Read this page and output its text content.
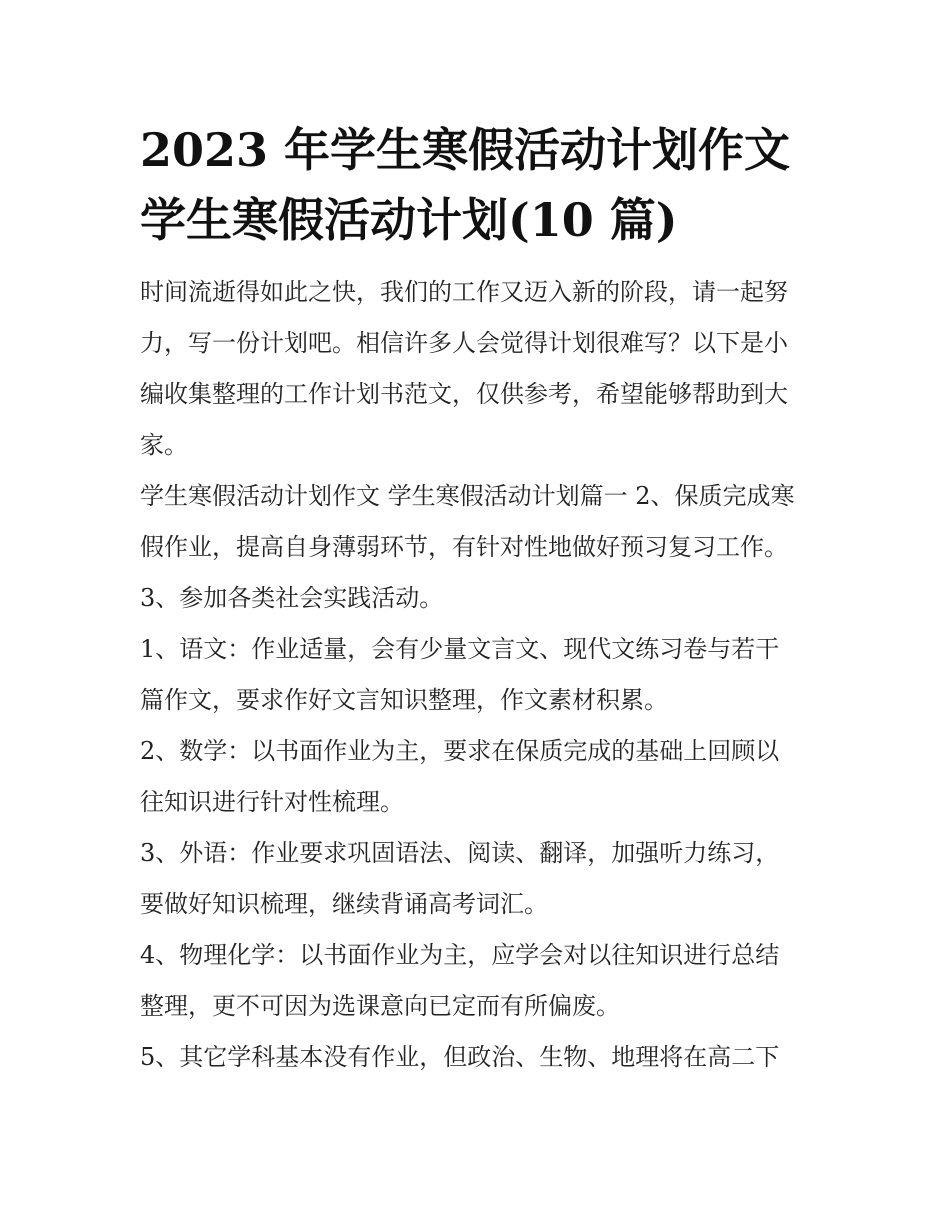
2023 年学生寒假活动计划作文
学生寒假活动计划(10 篇)
时间流逝得如此之快，我们的工作又迈入新的阶段，请一起努
力，写一份计划吧。相信许多人会觉得计划很难写？以下是小
编收集整理的工作计划书范文，仅供参考，希望能够帮助到大
家。
学生寒假活动计划作文 学生寒假活动计划篇一 2、保质完成寒
假作业，提高自身薄弱环节，有针对性地做好预习复习工作。
3、参加各类社会实践活动。
1、语文：作业适量，会有少量文言文、现代文练习卷与若干
篇作文，要求作好文言知识整理，作文素材积累。
2、数学：以书面作业为主，要求在保质完成的基础上回顾以
往知识进行针对性梳理。
3、外语：作业要求巩固语法、阅读、翻译，加强听力练习，
要做好知识梳理，继续背诵高考词汇。
4、物理化学：以书面作业为主，应学会对以往知识进行总结
整理，更不可因为选课意向已定而有所偏废。
5、其它学科基本没有作业，但政治、生物、地理将在高二下
